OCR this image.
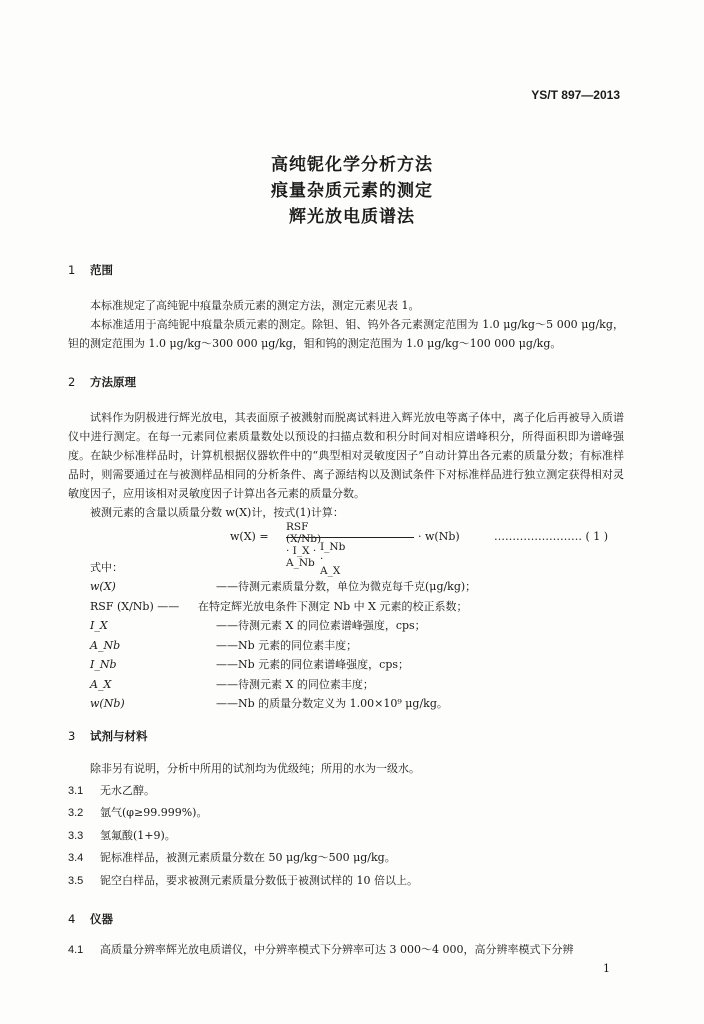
YS/T 897—2013
高纯铌化学分析方法
痕量杂质元素的测定
辉光放电质谱法
1 范围

本标准规定了高纯铌中痕量杂质元素的测定方法，测定元素见表 1。

本标准适用于高纯铌中痕量杂质元素的测定。除钽、钼、钨外各元素测定范围为 1.0 μg/kg～5 000 μg/kg，钽的测定范围为 1.0 μg/kg～300 000 μg/kg，钼和钨的测定范围为 1.0 μg/kg～100 000 μg/kg。

2 方法原理

试料作为阴极进行辉光放电，其表面原子被溅射而脱离试料进入辉光放电等离子体中，离子化后再被导入质谱仪中进行测定。在每一元素同位素质量数处以预设的扫描点数和积分时间对相应谱峰积分，所得面积即为谱峰强度。在缺少标准样品时，计算机根据仪器软件中的“典型相对灵敏度因子”自动计算出各元素的质量分数；有标准样品时，则需要通过在与被测样品相同的分析条件、离子源结构以及测试条件下对标准样品进行独立测定获得相对灵敏度因子，应用该相对灵敏度因子计算出各元素的质量分数。

被测元素的含量以质量分数 w(X)计，按式(1)计算：

w(X) =
RSF (X/Nb) · I_X · A_Nb
I_Nb · A_X
· w(Nb)	…………………… ( 1 )
式中：
w(X)	——待测元素质量分数，单位为微克每千克(μg/kg)；
RSF (X/Nb) —— 在特定辉光放电条件下测定 Nb 中 X 元素的校正系数；
I_X	——待测元素 X 的同位素谱峰强度，cps；
A_Nb	——Nb 元素的同位素丰度；
I_Nb	——Nb 元素的同位素谱峰强度，cps；
A_X	——待测元素 X 的同位素丰度；
w(Nb)	——Nb 的质量分数定义为 1.00×10⁹ μg/kg。
3 试剂与材料
除非另有说明，分析中所用的试剂均为优级纯；所用的水为一级水。
3.1 无水乙醇。
3.2 氩气(φ≥99.999%)。
3.3 氢氟酸(1+9)。
3.4 铌标准样品，被测元素质量分数在 50 μg/kg～500 μg/kg。
3.5 铌空白样品，要求被测元素质量分数低于被测试样的 10 倍以上。
4 仪器
4.1 高质量分辨率辉光放电质谱仪，中分辨率模式下分辨率可达 3 000～4 000，高分辨率模式下分辨
1
